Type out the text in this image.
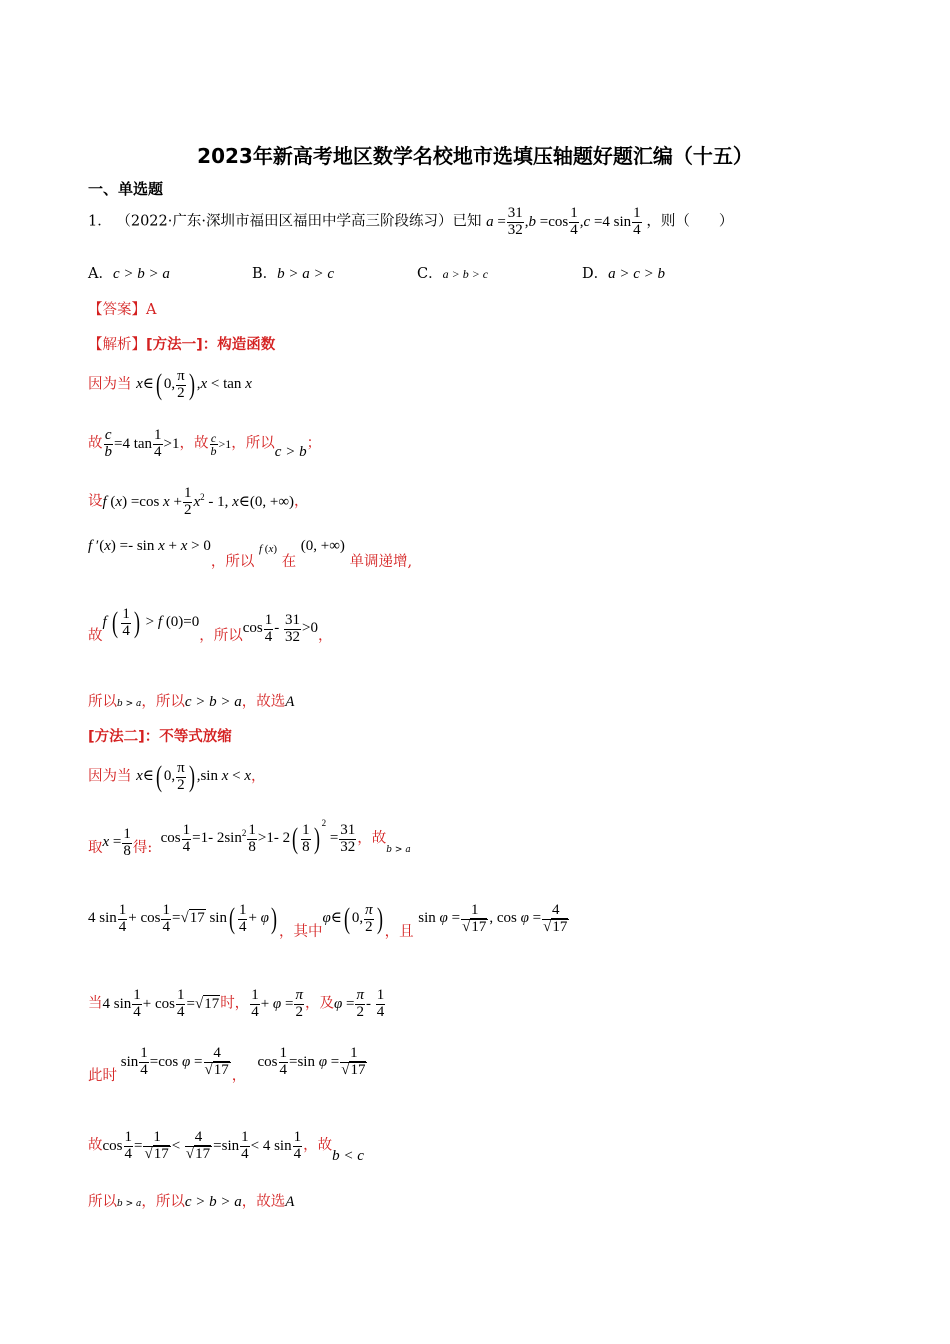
2023年新高考地区数学名校地市选填压轴题好题汇编（十五）
一、单选题
1． （2022·广东·深圳市福田区福田中学高三阶段练习）已知 $a = \frac{31}{32} ,b =\cos \frac{1}{4} ,c =4$ $\sin \frac{1}{4}$ ，则（　　）
A．c > b > a	B．b > a > c	C．a > b > c	D．a > c > b
【答案】A
【解析】[方法一]：构造函数
因为当 x∈( 0, $\frac{\pi}{2}$ ) ,x < tan x
故 $\frac{c}{b} =4$ $\tan \frac{1}{4} >1$，故 $\frac{c}{b} >1$，所以c > b；
设f (x) =cos $x + \frac{1}{2} x^2 - 1$, x∈(0, +∞)，
f ′(x) =- sin x + x > 0，所以 $^{f (x)}$ 在 (0, +∞) 单调递增,
故f ( $\frac{1}{4}$ ) > f (0)=0，所以$\cos \frac{1}{4} - \frac{31}{32} >0$，
所以b > a，所以c > b > a，故选A
[方法二]：不等式放缩
因为当 x∈( 0, $\frac{\pi}{2}$ ) ,sin x < x，
取$x = \frac{1}{8}$ 得:  $\cos \frac{1}{4} =1-$ $2\sin^2 \frac{1}{8} >1-$ $2( \frac{1}{8}$ ) $^2 = \frac{31}{32}$ ，故$_{b > a}$
4 $\sin \frac{1}{4} + \cos \frac{1}{4} =√17$ $\sin( \frac{1}{4} + \varphi)$ ，其中φ∈( 0, $\frac{\pi}{2}$ ) ，且 $\sin \varphi = \frac{1}{√17}$ , $\cos \varphi = \frac{4}{√17}$
当4 $\sin \frac{1}{4} + \cos \frac{1}{4} =√17$时， $\frac{1}{4} + \varphi = \frac{\pi}{2}$ ，及$\varphi = \frac{\pi}{2} - \frac{1}{4}$
此时 $\sin \frac{1}{4} =\cos$ $\varphi = \frac{4}{√17}$ ，   $\cos \frac{1}{4} =\sin$ $\varphi = \frac{1}{√17}$
故$\cos \frac{1}{4} = \frac{1}{√17} < \frac{4}{√17} =\sin \frac{1}{4} < 4$ $\sin \frac{1}{4}$ ，故b < c
所以b > a，所以c > b > a，故选A
